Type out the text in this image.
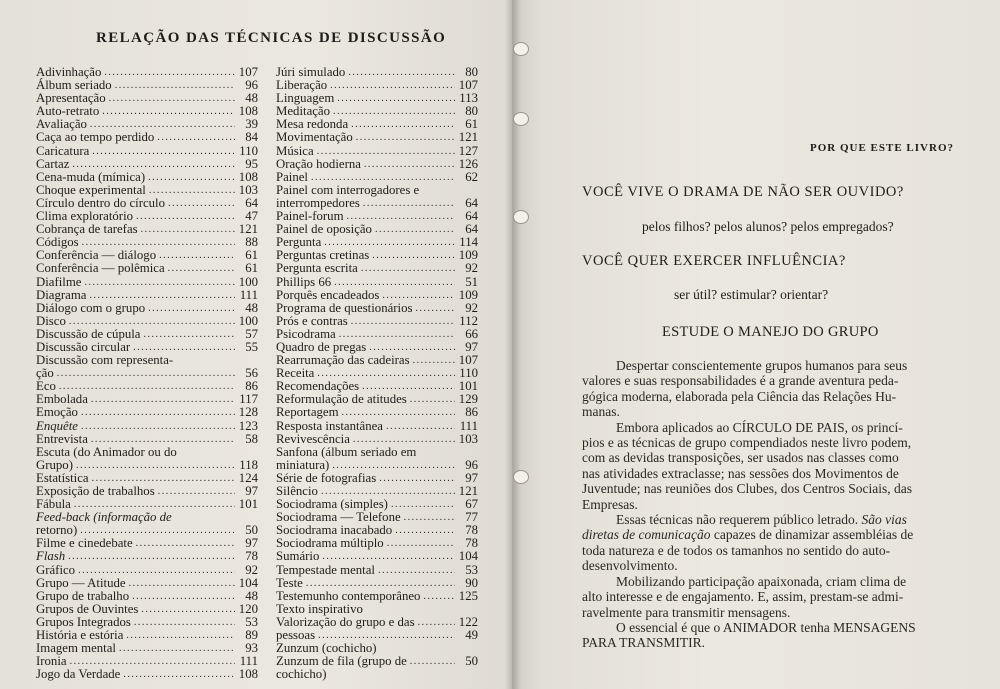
RELAÇÃO DAS TÉCNICAS DE DISCUSSÃO
Adivinhação .....	107
Álbum seriado .....	96
Apresentação .....	48
Auto-retrato .....	108
Avaliação .....	39
Caça ao tempo perdido .....	84
Caricatura .....	110
Cartaz .....	95
Cena-muda (mímica) .....	108
Choque experimental .....	103
Círculo dentro do círculo .....	64
Clima exploratório .....	47
Cobrança de tarefas .....	121
Códigos .....	88
Conferência — diálogo .....	61
Conferência — polêmica .....	61
Diafilme .....	100
Diagrama .....	111
Diálogo com o grupo .....	48
Disco .....	100
Discussão de cúpula .....	57
Discussão circular .....	55
Discussão com representa-
ção .....	56
Eco .....	86
Embolada .....	117
Emoção .....	128
Enquête .....	123
Entrevista .....	58
Escuta (do Animador ou do
Grupo) .....	118
Estatística .....	124
Exposição de trabalhos .....	97
Fábula .....	101
Feed-back (informação de
retorno) .....	50
Filme e cinedebate .....	97
Flash .....	78
Gráfico .....	92
Grupo — Atitude .....	104
Grupo de trabalho .....	48
Grupos de Ouvintes .....	120
Grupos Integrados .....	53
História e estória .....	89
Imagem mental .....	93
Ironia .....	111
Jogo da Verdade .....	108
Júri simulado .....	80
Liberação .....	107
Linguagem .....	113
Meditação .....	80
Mesa redonda .....	61
Movimentação .....	121
Música .....	127
Oração hodierna .....	126
Painel .....	62
Painel com interrogadores e
interrompedores .....	64
Painel-forum .....	64
Painel de oposição .....	64
Pergunta .....	114
Perguntas cretinas .....	109
Pergunta escrita .....	92
Phillips 66 .....	51
Porquês encadeados .....	109
Programa de questionários .....	92
Prós e contras .....	112
Psicodrama .....	66
Quadro de pregas .....	97
Rearrumação das cadeiras .....	107
Receita .....	110
Recomendações .....	101
Reformulação de atitudes .....	129
Reportagem .....	86
Resposta instantânea .....	111
Revivescência .....	103
Sanfona (álbum seriado em
miniatura) .....	96
Série de fotografias .....	97
Silêncio .....	121
Sociodrama (simples) .....	67
Sociodrama — Telefone .....	77
Sociodrama inacabado .....	78
Sociodrama múltiplo .....	78
Sumário .....	104
Tempestade mental .....	53
Teste .....	90
Testemunho contemporâneo .....	125
Texto inspirativo
Valorização do grupo e das .....	122
pessoas .....	49
Zunzum (cochicho)
Zunzum de fila (grupo de .....	50
cochicho)
POR QUE ESTE LIVRO?
VOCÊ VIVE O DRAMA DE NÃO SER OUVIDO?
pelos filhos? pelos alunos? pelos empregados?
VOCÊ QUER EXERCER INFLUÊNCIA?
ser útil? estimular? orientar?
ESTUDE O MANEJO DO GRUPO
Despertar conscientemente grupos humanos para seus
valores e suas responsabilidades é a grande aventura peda-
gógica moderna, elaborada pela Ciência das Relações Hu-
manas.
Embora aplicados ao CÍRCULO DE PAIS, os princí-
pios e as técnicas de grupo compendiados neste livro podem,
com as devidas transposições, ser usados nas classes como
nas atividades extraclasse; nas sessões dos Movimentos de
Juventude; nas reuniões dos Clubes, dos Centros Sociais, das
Empresas.
Essas técnicas não requerem público letrado. São vias
diretas de comunicação capazes de dinamizar assembléias de
toda natureza e de todos os tamanhos no sentido do auto-
desenvolvimento.
Mobilizando participação apaixonada, criam clima de
alto interesse e de engajamento. E, assim, prestam-se admi-
ravelmente para transmitir mensagens.
O essencial é que o ANIMADOR tenha MENSAGENS
PARA TRANSMITIR.
